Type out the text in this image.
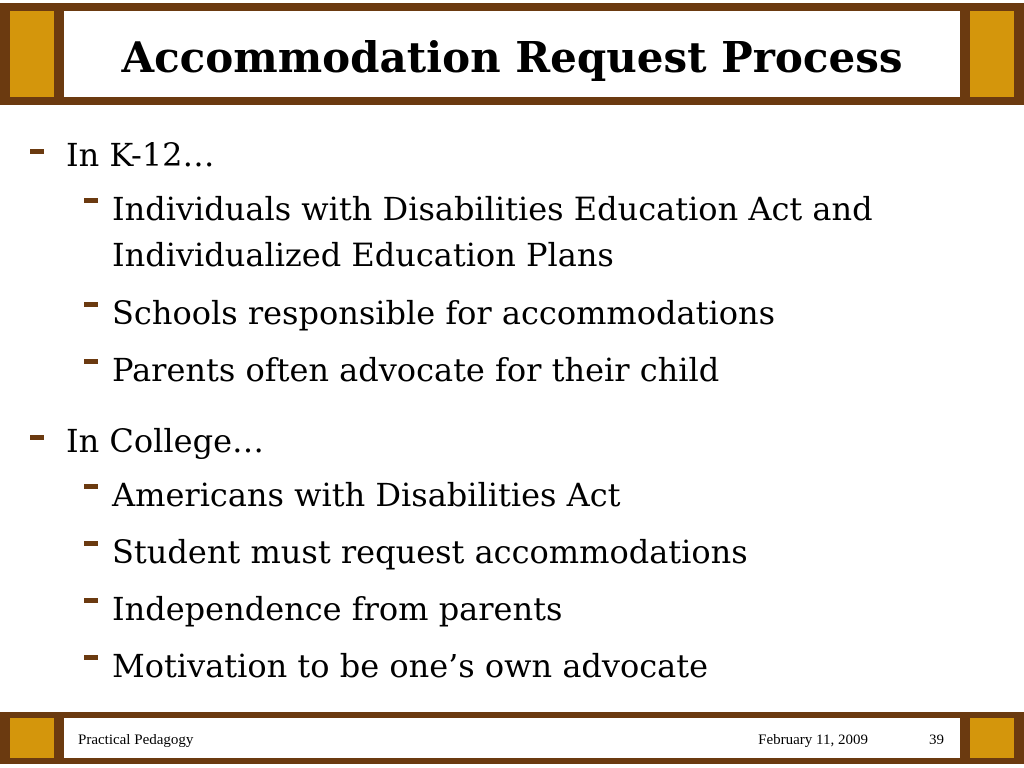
Accommodation Request Process
In K-12…
Individuals with Disabilities Education Act and
Individualized Education Plans
Schools responsible for accommodations
Parents often advocate for their child
In College…
Americans with Disabilities Act
Student must request accommodations
Independence from parents
Motivation to be one’s own advocate
Practical Pedagogy	February 11, 2009	39
